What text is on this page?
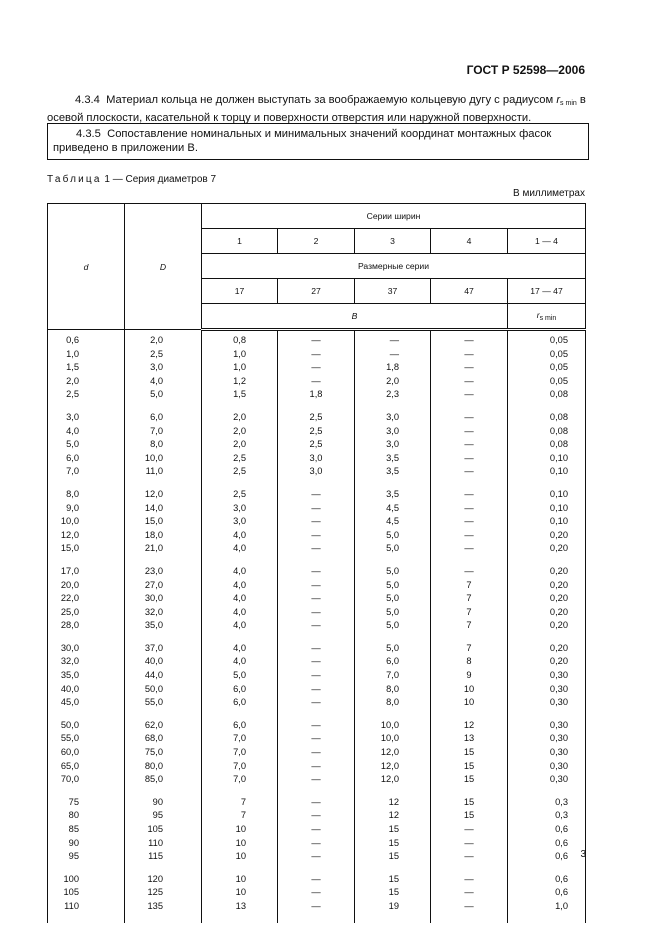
ГОСТ Р 52598—2006
4.3.4 Материал кольца не должен выступать за воображаемую кольцевую дугу с радиусом $r_{s min}$ в осевой плоскости, касательной к торцу и поверхности отверстия или наружной поверхности.
4.3.5 Сопоставление номинальных и минимальных значений координат монтажных фасок приведено в приложении В.
Таблица 1 — Серия диаметров 7
В миллиметрах
d	D	Серии ширин				
		1	2	3	4	1 — 4
		Размерные серии				
		17	27	37	47	17 — 47
		B				$r_{s min}$
0,6	2,0	0,8	—	—	—	0,05
1,0	2,5	1,0	—	—	—	0,05
1,5	3,0	1,0	—	1,8	—	0,05
2,0	4,0	1,2	—	2,0	—	0,05
2,5	5,0	1,5	1,8	2,3	—	0,08

3,0	6,0	2,0	2,5	3,0	—	0,08
4,0	7,0	2,0	2,5	3,0	—	0,08
5,0	8,0	2,0	2,5	3,0	—	0,08
6,0	10,0	2,5	3,0	3,5	—	0,10
7,0	11,0	2,5	3,0	3,5	—	0,10

8,0	12,0	2,5	—	3,5	—	0,10
9,0	14,0	3,0	—	4,5	—	0,10
10,0	15,0	3,0	—	4,5	—	0,10
12,0	18,0	4,0	—	5,0	—	0,20
15,0	21,0	4,0	—	5,0	—	0,20

17,0	23,0	4,0	—	5,0	—	0,20
20,0	27,0	4,0	—	5,0	7	0,20
22,0	30,0	4,0	—	5,0	7	0,20
25,0	32,0	4,0	—	5,0	7	0,20
28,0	35,0	4,0	—	5,0	7	0,20

30,0	37,0	4,0	—	5,0	7	0,20
32,0	40,0	4,0	—	6,0	8	0,20
35,0	44,0	5,0	—	7,0	9	0,30
40,0	50,0	6,0	—	8,0	10	0,30
45,0	55,0	6,0	—	8,0	10	0,30

50,0	62,0	6,0	—	10,0	12	0,30
55,0	68,0	7,0	—	10,0	13	0,30
60,0	75,0	7,0	—	12,0	15	0,30
65,0	80,0	7,0	—	12,0	15	0,30
70,0	85,0	7,0	—	12,0	15	0,30

75	90	7	—	12	15	0,3
80	95	7	—	12	15	0,3
85	105	10	—	15	—	0,6
90	110	10	—	15	—	0,6
95	115	10	—	15	—	0,6

100	120	10	—	15	—	0,6
105	125	10	—	15	—	0,6
110	135	13	—	19	—	1,0

3
